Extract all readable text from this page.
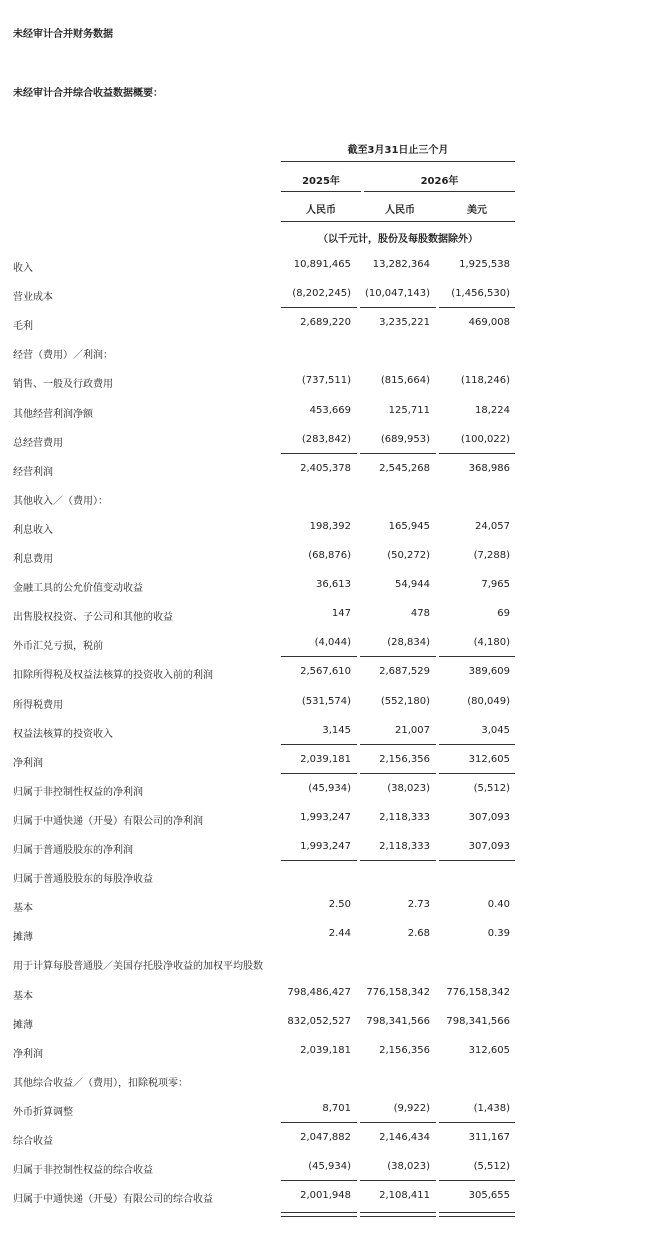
未经审计合并财务数据
未经审计合并综合收益数据概要：
截至3月31日止三个月
2025年	2026年
人民币	人民币	美元
（以千元计，股份及每股数据除外）
收入	10,891,465	13,282,364	1,925,538
营业成本	(8,202,245)	(10,047,143)	(1,456,530)
毛利	2,689,220	3,235,221	469,008
经营（费用）／利润：
销售、一般及行政费用	(737,511)	(815,664)	(118,246)
其他经营利润净额	453,669	125,711	18,224
总经营费用	(283,842)	(689,953)	(100,022)
经营利润	2,405,378	2,545,268	368,986
其他收入／（费用）：
利息收入	198,392	165,945	24,057
利息费用	(68,876)	(50,272)	(7,288)
金融工具的公允价值变动收益	36,613	54,944	7,965
出售股权投资、子公司和其他的收益	147	478	69
外币汇兑亏损，税前	(4,044)	(28,834)	(4,180)
扣除所得税及权益法核算的投资收入前的利润	2,567,610	2,687,529	389,609
所得税费用	(531,574)	(552,180)	(80,049)
权益法核算的投资收入	3,145	21,007	3,045
净利润	2,039,181	2,156,356	312,605
归属于非控制性权益的净利润	(45,934)	(38,023)	(5,512)
归属于中通快递（开曼）有限公司的净利润	1,993,247	2,118,333	307,093
归属于普通股股东的净利润	1,993,247	2,118,333	307,093
归属于普通股股东的每股净收益
基本	2.50	2.73	0.40
摊薄	2.44	2.68	0.39
用于计算每股普通股／美国存托股净收益的加权平均股数
基本	798,486,427	776,158,342	776,158,342
摊薄	832,052,527	798,341,566	798,341,566
净利润	2,039,181	2,156,356	312,605
其他综合收益／（费用），扣除税项零：
外币折算调整	8,701	(9,922)	(1,438)
综合收益	2,047,882	2,146,434	311,167
归属于非控制性权益的综合收益	(45,934)	(38,023)	(5,512)
归属于中通快递（开曼）有限公司的综合收益	2,001,948	2,108,411	305,655
